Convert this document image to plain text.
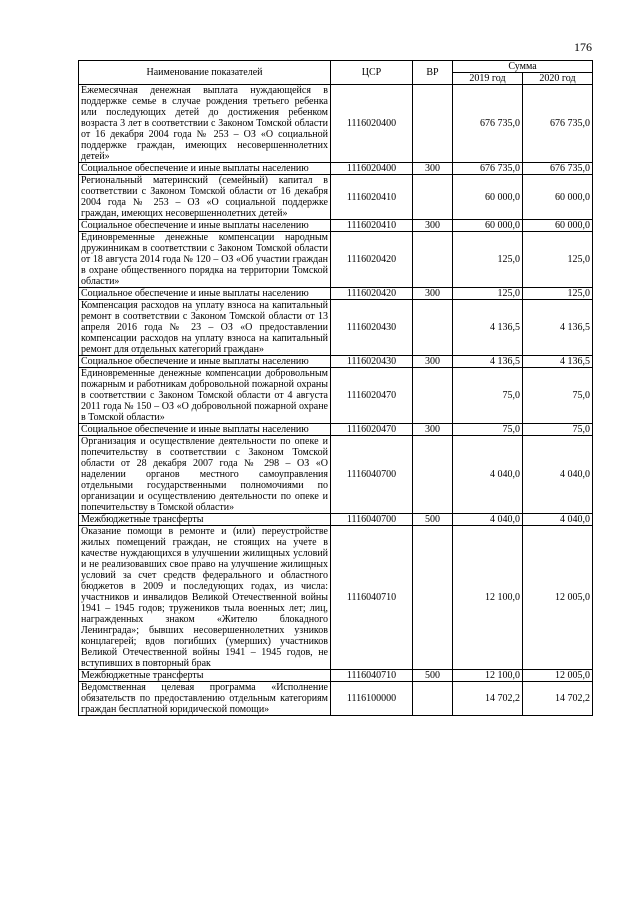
176
Наименование показателей	ЦСР	ВР	Сумма	
			2019 год	2020 год
Ежемесячная денежная выплата нуждающейся в поддержке семье в случае рождения третьего ребенка или последующих детей до достижения ребенком возраста 3 лет в соответствии с Законом Томской области от 16 декабря 2004 года № 253 – ОЗ «О социальной поддержке граждан, имеющих несовершеннолетних детей»	1116020400		676 735,0	676 735,0
Социальное обеспечение и иные выплаты населению	1116020400	300	676 735,0	676 735,0
Региональный материнский (семейный) капитал в соответствии с Законом Томской области от 16 декабря 2004 года № 253 – ОЗ «О социальной поддержке граждан, имеющих несовершеннолетних детей»	1116020410		60 000,0	60 000,0
Социальное обеспечение и иные выплаты населению	1116020410	300	60 000,0	60 000,0
Единовременные денежные компенсации народным дружинникам в соответствии с Законом Томской области от 18 августа 2014 года № 120 – ОЗ «Об участии граждан в охране общественного порядка на территории Томской области»	1116020420		125,0	125,0
Социальное обеспечение и иные выплаты населению	1116020420	300	125,0	125,0
Компенсация расходов на уплату взноса на капитальный ремонт в соответствии с Законом Томской области от 13 апреля 2016 года № 23 – ОЗ «О предоставлении компенсации расходов на уплату взноса на капитальный ремонт для отдельных категорий граждан»	1116020430		4 136,5	4 136,5
Социальное обеспечение и иные выплаты населению	1116020430	300	4 136,5	4 136,5
Единовременные денежные компенсации добровольным пожарным и работникам добровольной пожарной охраны в соответствии с Законом Томской области от 4 августа 2011 года № 150 – ОЗ «О добровольной пожарной охране в Томской области»	1116020470		75,0	75,0
Социальное обеспечение и иные выплаты населению	1116020470	300	75,0	75,0
Организация и осуществление деятельности по опеке и попечительству в соответствии с Законом Томской области от 28 декабря 2007 года № 298 – ОЗ «О наделении органов местного самоуправления отдельными государственными полномочиями по организации и осуществлению деятельности по опеке и попечительству в Томской области»	1116040700		4 040,0	4 040,0
Межбюджетные трансферты	1116040700	500	4 040,0	4 040,0
Оказание помощи в ремонте и (или) переустройстве жилых помещений граждан, не стоящих на учете в качестве нуждающихся в улучшении жилищных условий и не реализовавших свое право на улучшение жилищных условий за счет средств федерального и областного бюджетов в 2009 и последующих годах, из числа: участников и инвалидов Великой Отечественной войны 1941 – 1945 годов; тружеников тыла военных лет; лиц, награжденных знаком «Жителю блокадного Ленинграда»; бывших несовершеннолетних узников концлагерей; вдов погибших (умерших) участников Великой Отечественной войны 1941 – 1945 годов, не вступивших в повторный брак	1116040710		12 100,0	12 005,0
Межбюджетные трансферты	1116040710	500	12 100,0	12 005,0
Ведомственная целевая программа «Исполнение обязательств по предоставлению отдельным категориям граждан бесплатной юридической помощи»	1116100000		14 702,2	14 702,2
